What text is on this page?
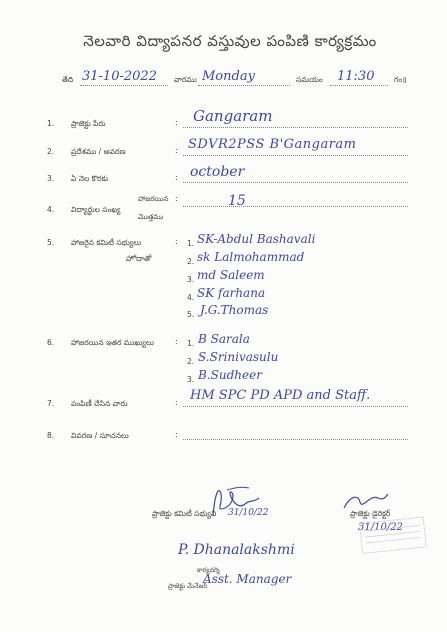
నెలవారి విద్యాపనర వస్తువుల పంపిణి కార్యక్రమం
తేది 31-10-2022 వారము Monday	సమయం 11:30	గం॥
1. ప్రాజెక్టు పేరు	: Gangaram
2. ప్రదేశము / అవరణ	: SDVR2PSS B'Gangaram
3. ఏ నెల కొరకు	: october
4. విద్యార్థుల సంఖ్య
హాజరయిన
మొత్తము
:	15
5. హాజరైన కమిటీ సభ్యులు
హోదాతో
: 1. SK-Abdul Bashavali
2. sk Lalmohammad
3. md Saleem
4. SK farhana
5. J.G.Thomas
6. హాజరయిన ఇతర ముఖ్యులు	: 1. B Sarala
2. S.Srinivasulu
3. B.Sudheer
7. పంపిణీ చేసిన వారు	: HM SPC PD APD and Staff.
8. వివరణ / సూచనలు	:
ప్రాజెక్టు కమిటీ సభ్యుని 31/10/22	ప్రాజెక్టు డైరెక్టర్
31/10/22
P. Dhanalakshmi
కార్యదర్శి
ప్రాజెక్టు మేనేజర్
Asst. Manager
